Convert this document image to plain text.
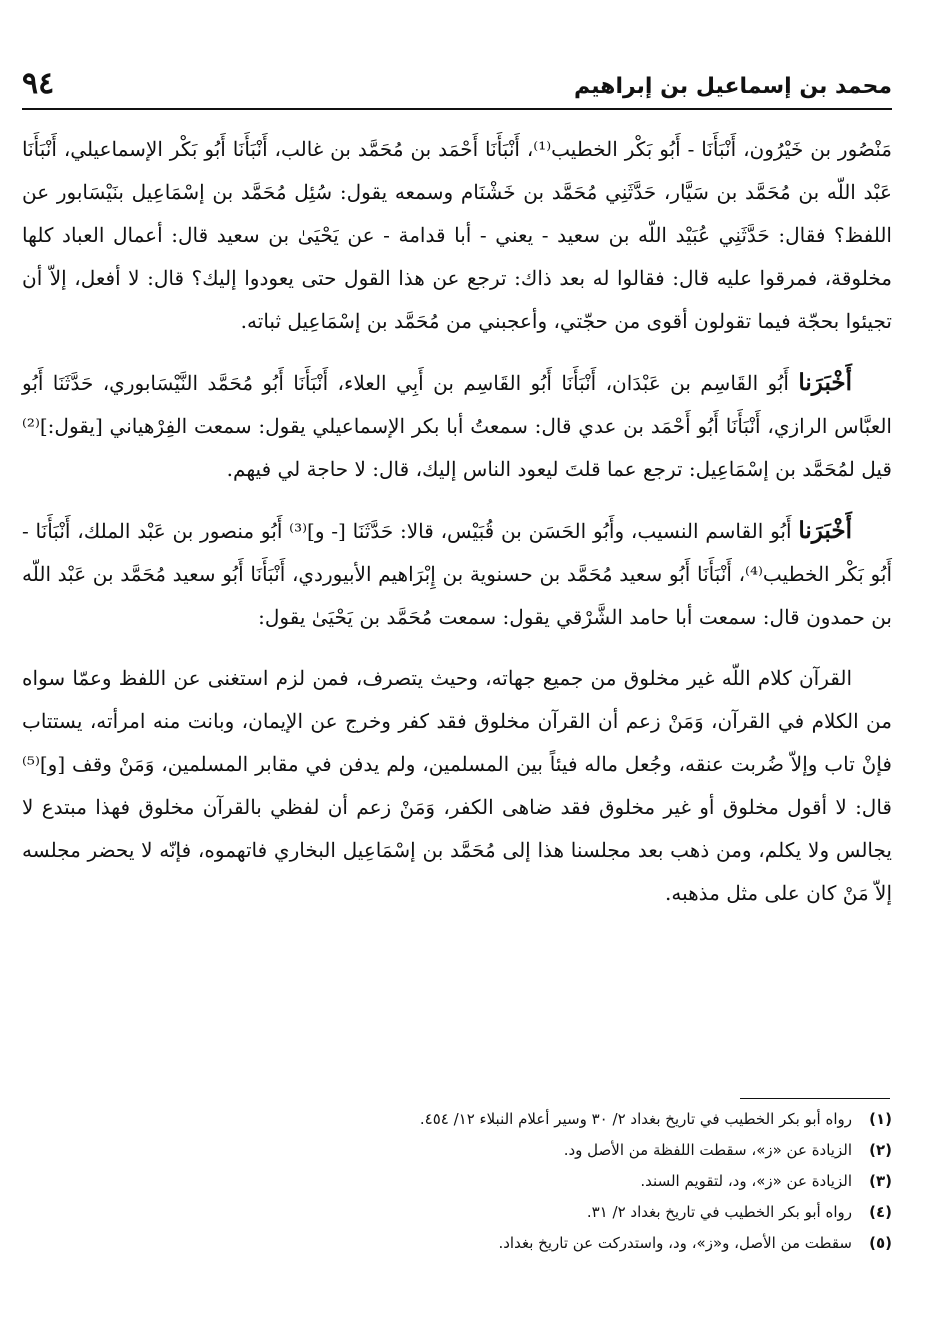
محمد بن إسماعيل بن إبراهيم
٩٤

مَنْصُور بن خَيْرُون، أَنْبَأَنَا - أَبُو بَكْر الخطيب⁽¹⁾، أَنْبَأَنَا أَحْمَد بن مُحَمَّد بن غالب، أَنْبَأَنَا أَبُو بَكْر الإسماعيلي، أَنْبَأَنَا عَبْد اللّه بن مُحَمَّد بن سَيَّار، حَدَّثَنِي مُحَمَّد بن خَشْنَام وسمعه يقول: سُئِل مُحَمَّد بن إسْمَاعِيل بنَيْسَابور عن اللفظ؟ فقال: حَدَّثَنِي عُبَيْد اللّه بن سعيد - يعني - أبا قدامة - عن يَحْيَىٰ بن سعيد قال: أعمال العباد كلها مخلوقة، فمرقوا عليه قال: فقالوا له بعد ذاك: ترجع عن هذا القول حتى يعودوا إليك؟ قال: لا أفعل، إلاّ أن تجيئوا بحجّة فيما تقولون أقوى من حجّتي، وأعجبني من مُحَمَّد بن إسْمَاعِيل ثباته.

أَخْبَرَنا أَبُو القَاسِم بن عَبْدَان، أَنْبَأَنَا أَبُو القَاسِم بن أَبِي العلاء، أَنْبَأَنَا أَبُو مُحَمَّد النَّيْسَابوري، حَدَّثَنَا أَبُو العبَّاس الرازي، أَنْبَأَنَا أَبُو أَحْمَد بن عدي قال: سمعتُ أبا بكر الإسماعيلي يقول: سمعت الفِرْهياني [يقول:]⁽²⁾ قيل لمُحَمَّد بن إسْمَاعِيل: ترجع عما قلتَ ليعود الناس إليك، قال: لا حاجة لي فيهم.

أَخْبَرَنا أَبُو القاسم النسيب، وأَبُو الحَسَن بن قُبَيْس، قالا: حَدَّثَنَا [- و]⁽³⁾ أَبُو منصور بن عَبْد الملك، أَنْبَأَنَا - أَبُو بَكْر الخطيب⁽⁴⁾، أَنْبَأَنَا أَبُو سعيد مُحَمَّد بن حسنوية بن إِبْرَاهيم الأبيوردي، أَنْبَأَنَا أَبُو سعيد مُحَمَّد بن عَبْد اللّه بن حمدون قال: سمعت أبا حامد الشَّرْقي يقول: سمعت مُحَمَّد بن يَحْيَىٰ يقول:

القرآن كلام اللّه غير مخلوق من جميع جهاته، وحيث يتصرف، فمن لزم استغنى عن اللفظ وعمّا سواه من الكلام في القرآن، وَمَنْ زعم أن القرآن مخلوق فقد كفر وخرج عن الإيمان، وبانت منه امرأته، يستتاب فإنْ تاب وإلاّ ضُربت عنقه، وجُعل ماله فيئاً بين المسلمين، ولم يدفن في مقابر المسلمين، وَمَنْ وقف [و]⁽⁵⁾ قال: لا أقول مخلوق أو غير مخلوق فقد ضاهى الكفر، وَمَنْ زعم أن لفظي بالقرآن مخلوق فهذا مبتدع لا يجالس ولا يكلم، ومن ذهب بعد مجلسنا هذا إلى مُحَمَّد بن إسْمَاعِيل البخاري فاتهموه، فإنّه لا يحضر مجلسه إلاّ مَنْ كان على مثل مذهبه.

(١)
رواه أبو بكر الخطيب في تاريخ بغداد ٢/ ٣٠ وسير أعلام النبلاء ١٢/ ٤٥٤.
(٢)
الزيادة عن «ز»، سقطت اللفظة من الأصل ود.
(٣)
الزيادة عن «ز»، ود، لتقويم السند.
(٤)
رواه أبو بكر الخطيب في تاريخ بغداد ٢/ ٣١.
(٥)
سقطت من الأصل، و«ز»، ود، واستدركت عن تاريخ بغداد.
